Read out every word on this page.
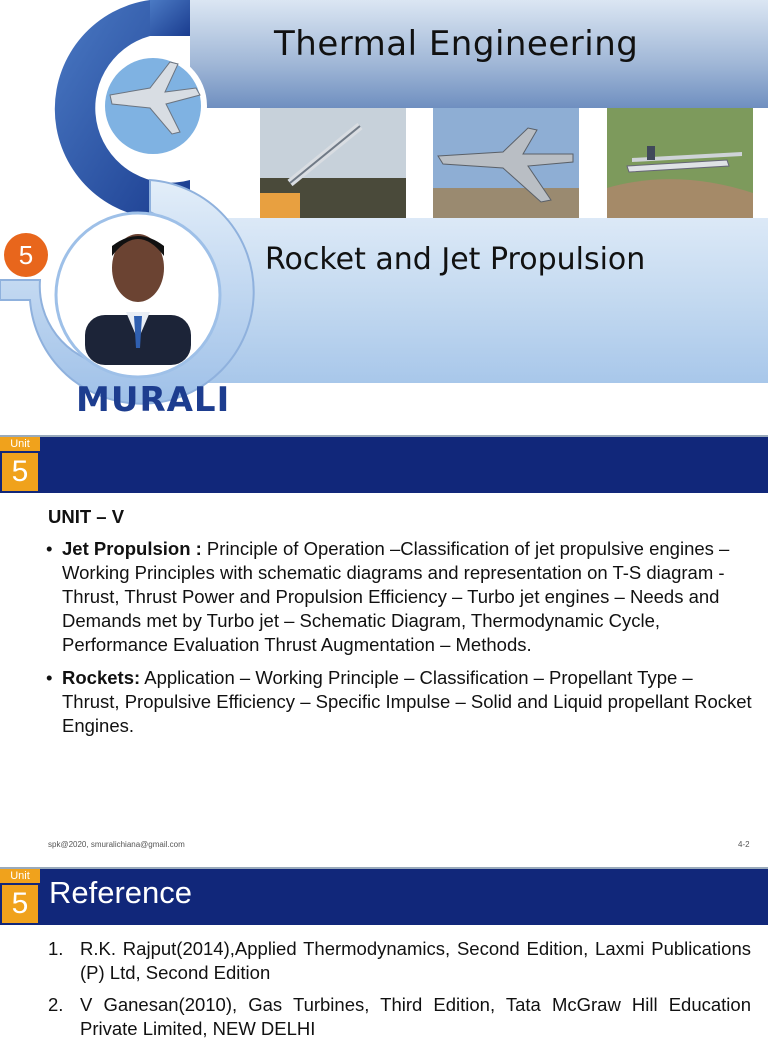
5
MURALI
Thermal Engineering
Rocket and Jet Propulsion
Unit
5
UNIT – V
• Jet Propulsion : Principle of Operation –Classification of jet propulsive engines – Working Principles with schematic diagrams and representation on T-S diagram - Thrust, Thrust Power and Propulsion Efficiency – Turbo jet engines – Needs and Demands met by Turbo jet – Schematic Diagram, Thermodynamic Cycle, Performance Evaluation Thrust Augmentation – Methods.
• Rockets: Application – Working Principle – Classification – Propellant Type – Thrust, Propulsive Efficiency – Specific Impulse – Solid and Liquid propellant Rocket Engines.
spk@2020, smuralichiana@gmail.com	4-2
Unit
5 Reference
1. R.K. Rajput(2014),Applied Thermodynamics, Second Edition, Laxmi Publications (P) Ltd, Second Edition
2. V Ganesan(2010), Gas Turbines, Third Edition, Tata McGraw Hill Education Private Limited, NEW DELHI
